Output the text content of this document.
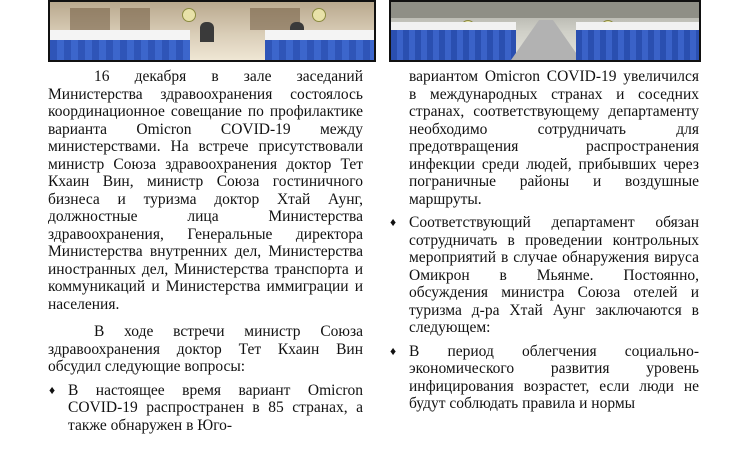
16 декабря в зале заседаний Министерства здравоохранения состоялось координационное совещание по профилактике варианта Omicron COVID-19 между министерствами. На встрече присутствовали министр Союза здравоохранения доктор Тет Кхаин Вин, министр Союза гостиничного бизнеса и туризма доктор Хтай Аунг, должностные лица Министерства здравоохранения, Генеральные директора Министерства внутренних дел, Министерства иностранных дел, Министерства транспорта и коммуникаций и Министерства иммиграции и населения.

В ходе встречи министр Союза здравоохранения доктор Тет Кхаин Вин обсудил следующие вопросы:

♦ В настоящее время вариант Omicron COVID-19 распространен в 85 странах, а также обнаружен в Юго-

вариантом Omicron COVID-19 увеличился в международных странах и соседних странах, соответствующему департаменту необходимо сотрудничать для предотвращения распространения инфекции среди людей, прибывших через пограничные районы и воздушные маршруты.

♦ Соответствующий департамент обязан сотрудничать в проведении контрольных мероприятий в случае обнаружения вируса Омикрон в Мьянме. Постоянно, обсуждения министра Союза отелей и туризма д-ра Хтай Аунг заключаются в следующем:

♦ В период облегчения социально-экономического развития уровень инфицирования возрастет, если люди не будут соблюдать правила и нормы
